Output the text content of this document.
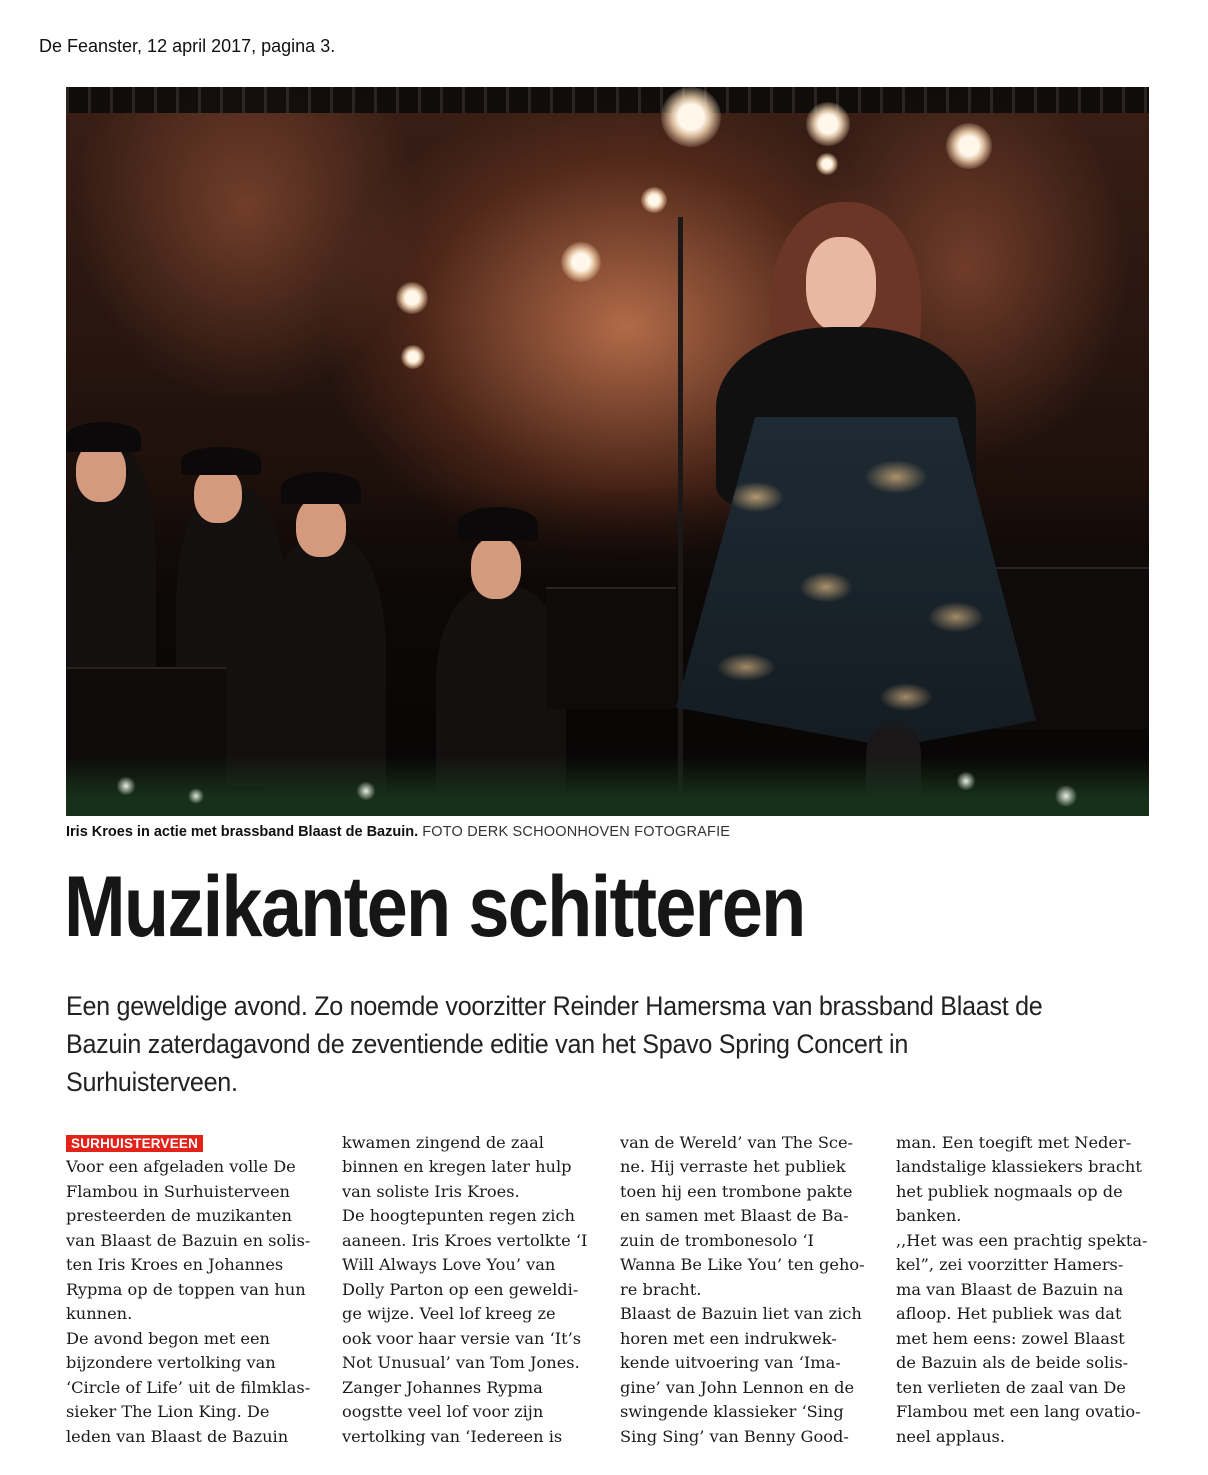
De Feanster, 12 april 2017, pagina 3.
Iris Kroes in actie met brassband Blaast de Bazuin. FOTO DERK SCHOONHOVEN FOTOGRAFIE
Muzikanten schitteren

Een geweldige avond. Zo noemde voorzitter Reinder Hamersma van brassband Blaast de Bazuin zaterdagavond de zeventiende editie van het Spavo Spring Concert in Surhuisterveen.

SURHUISTERVEEN

Voor een afgeladen volle De
Flambou in Surhuisterveen
presteerden de muzikanten
van Blaast de Bazuin en solis-
ten Iris Kroes en Johannes
Rypma op de toppen van hun
kunnen.
De avond begon met een
bijzondere vertolking van
‘Circle of Life’ uit de filmklas-
sieker The Lion King. De
leden van Blaast de Bazuin

kwamen zingend de zaal
binnen en kregen later hulp
van soliste Iris Kroes.
De hoogtepunten regen zich
aaneen. Iris Kroes vertolkte ‘I
Will Always Love You’ van
Dolly Parton op een geweldi-
ge wijze. Veel lof kreeg ze
ook voor haar versie van ‘It’s
Not Unusual’ van Tom Jones.
Zanger Johannes Rypma
oogstte veel lof voor zijn
vertolking van ‘Iedereen is

van de Wereld’ van The Sce-
ne. Hij verraste het publiek
toen hij een trombone pakte
en samen met Blaast de Ba-
zuin de trombonesolo ‘I
Wanna Be Like You’ ten geho-
re bracht.
Blaast de Bazuin liet van zich
horen met een indrukwek-
kende uitvoering van ‘Ima-
gine’ van John Lennon en de
swingende klassieker ‘Sing
Sing Sing’ van Benny Good-

man. Een toegift met Neder-
landstalige klassiekers bracht
het publiek nogmaals op de
banken.
,,Het was een prachtig spekta-
kel”, zei voorzitter Hamers-
ma van Blaast de Bazuin na
afloop. Het publiek was dat
met hem eens: zowel Blaast
de Bazuin als de beide solis-
ten verlieten de zaal van De
Flambou met een lang ovatio-
neel applaus.
